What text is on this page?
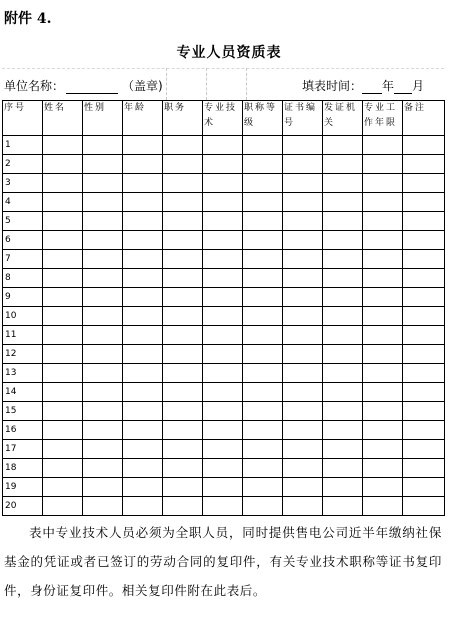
附件 4.
专业人员资质表
单位名称：	（盖章)	填表时间： 年 月
序号	姓名	性别	年龄	职务	专业技术	职称等级	证书编号	发证机关	专业工作年限	备注
1										
2										
3										
4										
5										
6										
7										
8										
9										
10										
11										
12										
13										
14										
15										
16										
17										
18										
19										
20										
表中专业技术人员必须为全职人员，同时提供售电公司近半年缴纳社保基金的凭证或者已签订的劳动合同的复印件，有关专业技术职称等证书复印件，身份证复印件。相关复印件附在此表后。
